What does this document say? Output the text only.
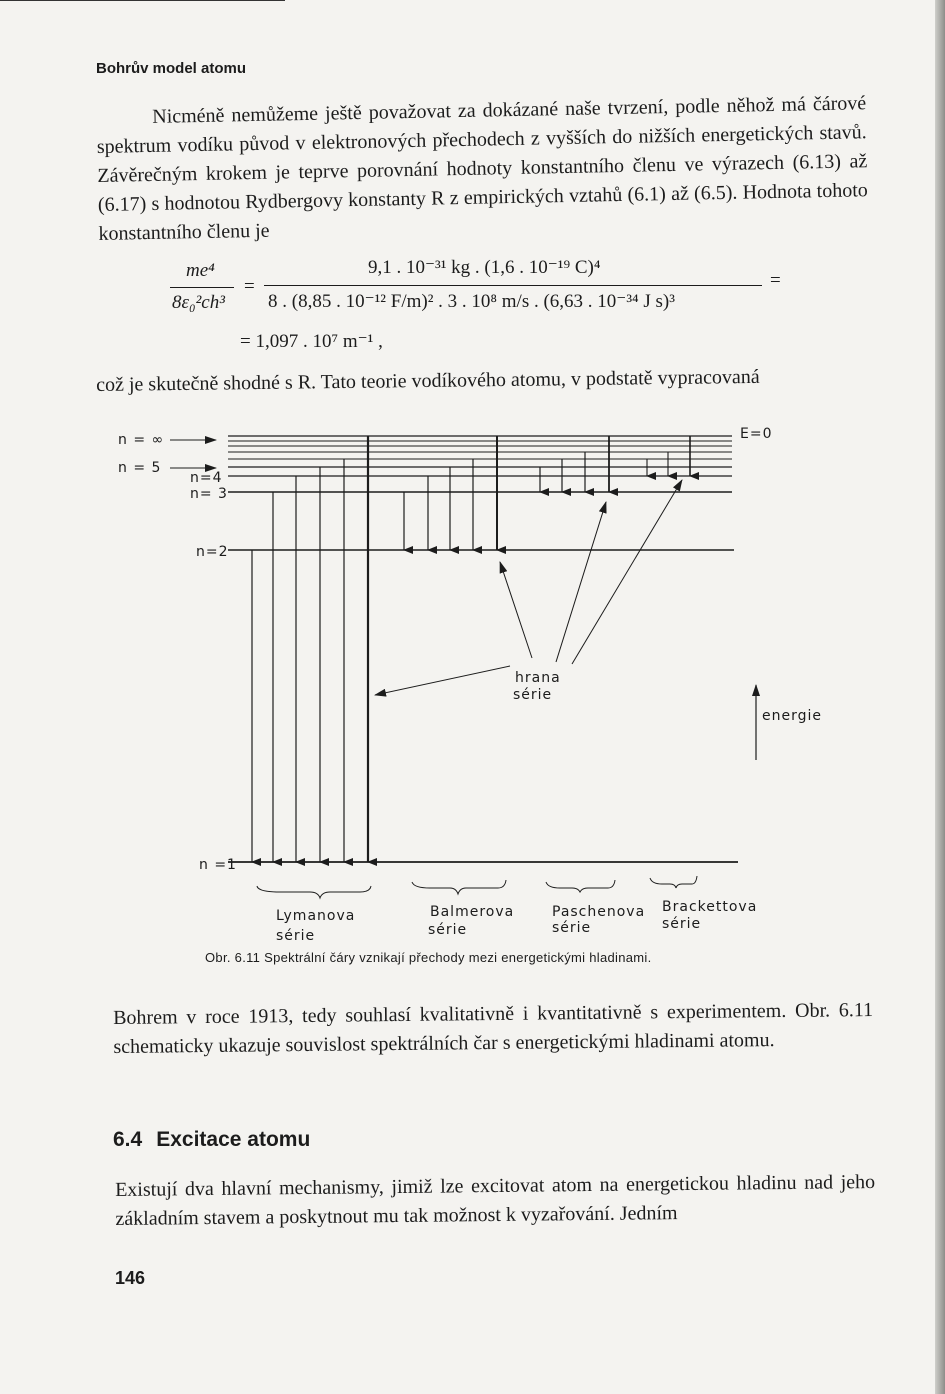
Bohrův model atomu

Nicméně nemůžeme ještě považovat za dokázané naše tvrzení, podle něhož má čárové spektrum vodíku původ v elektronových přechodech z vyšších do nižších energetických stavů. Závěrečným krokem je teprve porovnání hodnoty konstantního členu ve výrazech (6.13) až (6.17) s hodnotou Rydbergovy konstanty R z empirických vztahů (6.1) až (6.5). Hodnota tohoto konstantního členu je

me⁴
8ε₀²ch³
=
9,1 . 10⁻³¹ kg . (1,6 . 10⁻¹⁹ C)⁴
8 . (8,85 . 10⁻¹² F/m)² . 3 . 10⁸ m/s . (6,63 . 10⁻³⁴ J s)³
=
= 1,097 . 10⁷ m⁻¹ ,

což je skutečně shodné s R. Tato teorie vodíkového atomu, v podstatě vypracovaná

n = ∞
n = 5
n=4
n= 3
n=2
n =1
E=0
hrana
série
energie
Lymanova
série
Balmerova
série
Paschenova
série
Brackettova
série
Obr. 6.11 Spektrální čáry vznikají přechody mezi energetickými hladinami.

Bohrem v roce 1913, tedy souhlasí kvalitativně i kvantitativně s experimentem. Obr. 6.11 schematicky ukazuje souvislost spektrálních čar s energetickými hladinami atomu.

6.4 Excitace atomu

Existují dva hlavní mechanismy, jimiž lze excitovat atom na energetickou hladinu nad jeho základním stavem a poskytnout mu tak možnost k vyzařování. Jedním

146
